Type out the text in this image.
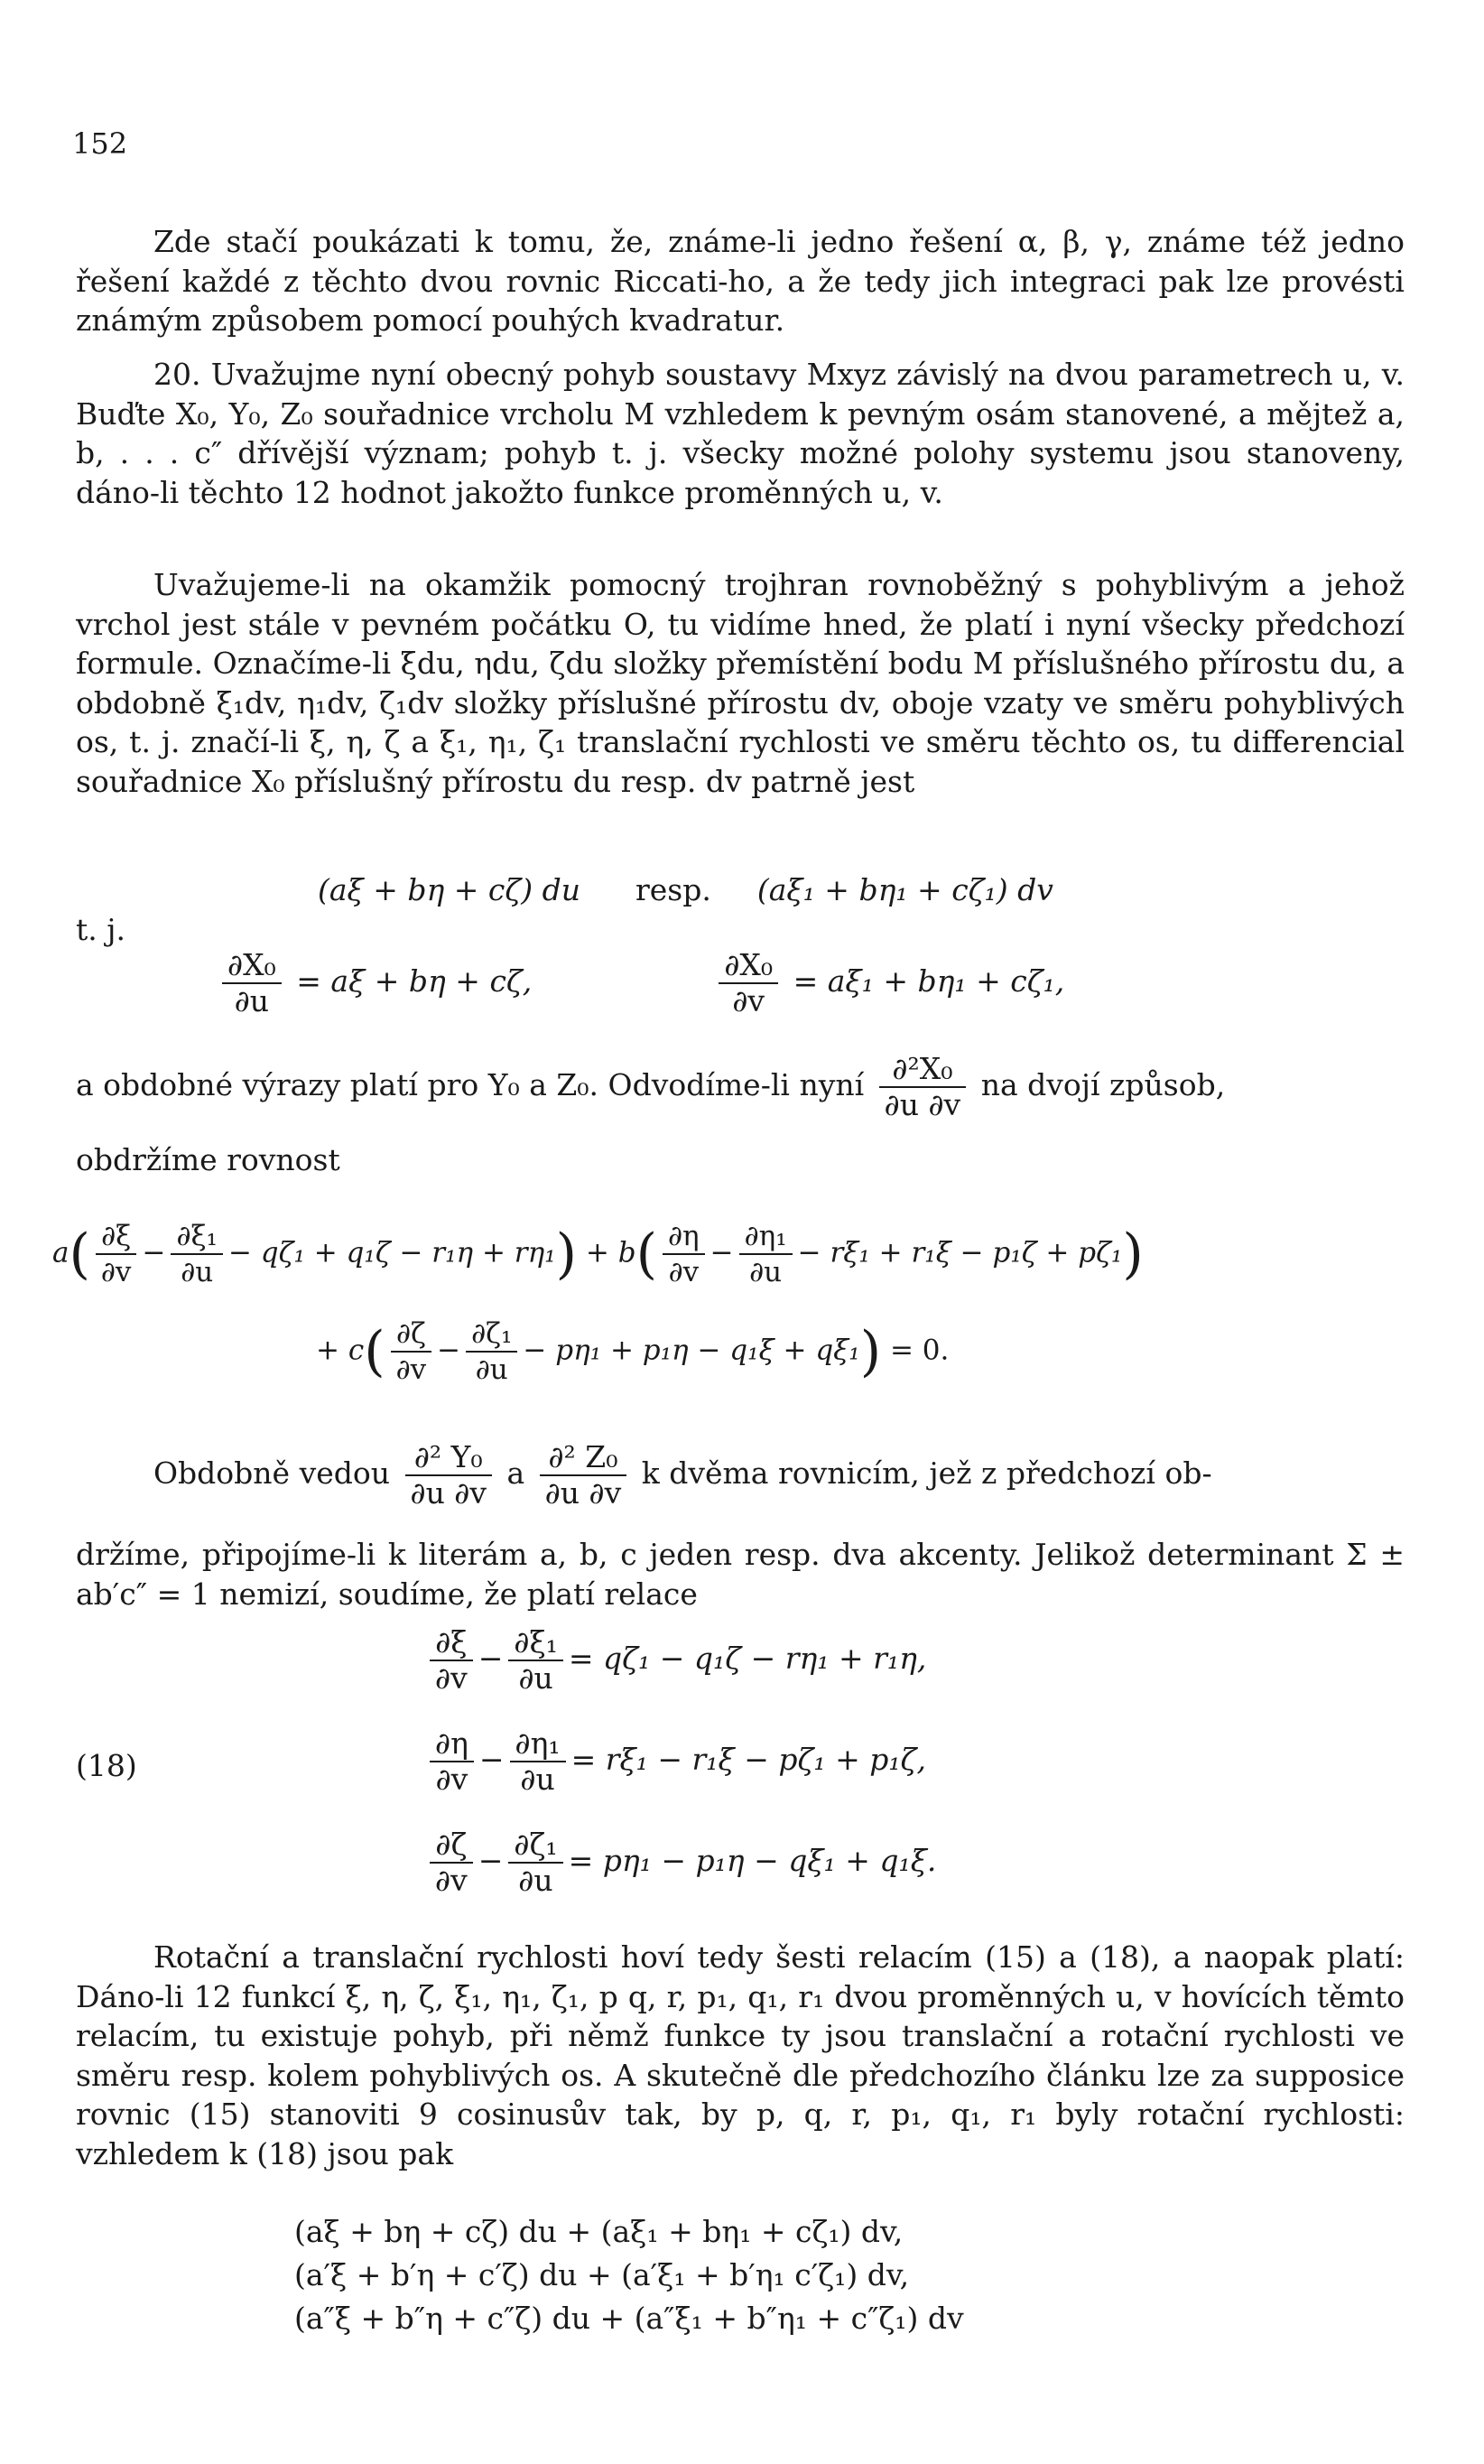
152
Zde stačí poukázati k tomu, že, známe-li jedno řešení α, β, γ, známe též jedno řešení každé z těchto dvou rovnic Riccati-ho, a že tedy jich integraci pak lze provésti známým způsobem pomocí pouhých kvadratur.
20. Uvažujme nyní obecný pohyb soustavy Mxyz závislý na dvou parametrech u, v. Buďte X₀, Y₀, Z₀ souřadnice vrcholu M vzhledem k pevným osám stanovené, a mějtež a, b, . . . c″ dřívější význam; pohyb t. j. všecky možné polohy systemu jsou stanoveny, dáno-li těchto 12 hodnot jakožto funkce proměnných u, v.
Uvažujeme-li na okamžik pomocný trojhran rovnoběžný s pohyblivým a jehož vrchol jest stále v pevném počátku O, tu vidíme hned, že platí i nyní všecky předchozí formule. Označíme-li ξdu, ηdu, ζdu složky přemístění bodu M příslušného přírostu du, a obdobně ξ₁dv, η₁dv, ζ₁dv složky příslušné přírostu dv, oboje vzaty ve směru pohyblivých os, t. j. značí-li ξ, η, ζ a ξ₁, η₁, ζ₁ translační rychlosti ve směru těchto os, tu differencial souřadnice X₀ příslušný přírostu du resp. dv patrně jest
(aξ + bη + cζ) du resp. (aξ₁ + bη₁ + cζ₁) dv
t. j.
$\frac{\text{∂X₀}}{\partial u} = a\xi + b\eta + c\zeta$,	$\frac{\text{∂X₀}}{\partial v} = a\xi_1 + b\eta_1 + c\zeta_1$,
a obdobné výrazy platí pro Y₀ a Z₀. Odvodíme-li nyní $\frac{\text{∂²X₀}}{\partial u \partial v}$ na dvojí způsob,
obdržíme rovnost
$a( \frac{\partial\xi}{\partial v} - \frac{\text{∂ξ₁}}{\partial u} - q\zeta_1 + q_1\zeta - r_1\eta + r\eta_1) + b( \frac{\partial\eta}{\partial v} - \frac{\text{∂η₁}}{\partial u} - r\xi_1 + r_1\xi - p_1\zeta + p\zeta_1)$
+ $c( \frac{\partial\zeta}{\partial v} - \frac{\text{∂ζ₁}}{\partial u} - p\eta_1 + p_1\eta - q_1\xi + q\xi_1) = 0$.
Obdobně vedou $\frac{\text{∂² Y₀}}{\partial u \partial v}$ a $\frac{\text{∂² Z₀}}{\partial u \partial v}$ k dvěma rovnicím, jež z předchozí ob-
držíme, připojíme-li k literám a, b, c jeden resp. dva akcenty. Jelikož determinant Σ ± ab′c″ = 1 nemizí, soudíme, že platí relace
(18)
$\frac{\partial\xi}{\partial v} - \frac{\text{∂ξ₁}}{\partial u} = q\zeta_1 - q_1\zeta - r\eta_1 + r_1\eta$,
$\frac{\partial\eta}{\partial v} - \frac{\text{∂η₁}}{\partial u} = r\xi_1 - r_1\xi - p\zeta_1 + p_1\zeta$,
$\frac{\partial\zeta}{\partial v} - \frac{\text{∂ζ₁}}{\partial u} = p\eta_1 - p_1\eta - q\xi_1 + q_1\xi$.
Rotační a translační rychlosti hoví tedy šesti relacím (15) a (18), a naopak platí: Dáno-li 12 funkcí ξ, η, ζ, ξ₁, η₁, ζ₁, p q, r, p₁, q₁, r₁ dvou proměnných u, v hovících těmto relacím, tu existuje pohyb, při němž funkce ty jsou translační a rotační rychlosti ve směru resp. kolem pohyblivých os. A skutečně dle předchozího článku lze za supposice rovnic (15) stanoviti 9 cosinusův tak, by p, q, r, p₁, q₁, r₁ byly rotační rychlosti: vzhledem k (18) jsou pak
(aξ + bη + cζ) du + (aξ₁ + bη₁ + cζ₁) dv,
(a′ξ + b′η + c′ζ) du + (a′ξ₁ + b′η₁ c′ζ₁) dv,
(a″ξ + b″η + c″ζ) du + (a″ξ₁ + b″η₁ + c″ζ₁) dv
